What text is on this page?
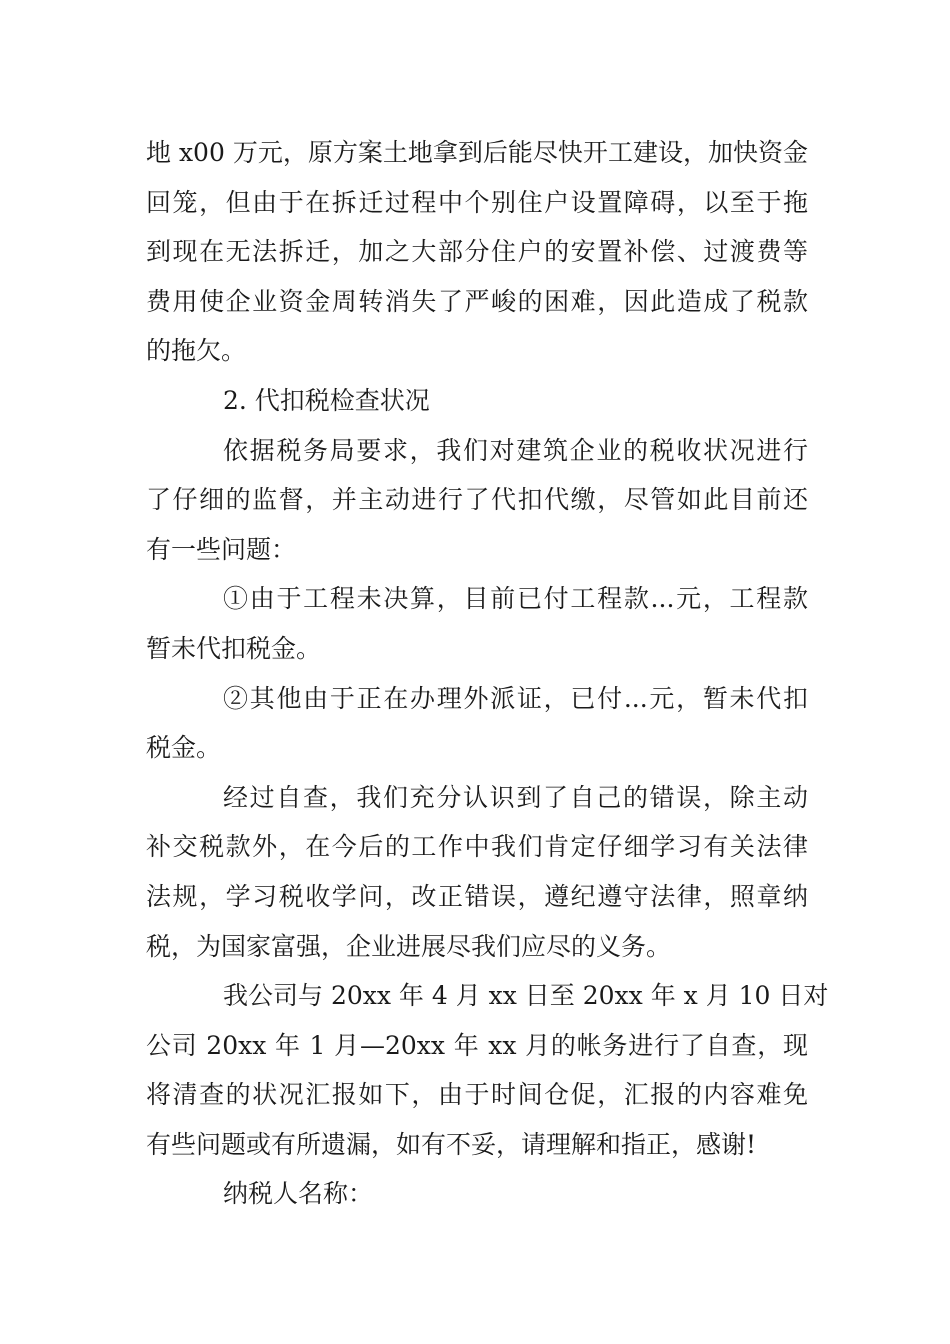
地 x00 万元，原方案土地拿到后能尽快开工建设，加快资金
回笼，但由于在拆迁过程中个别住户设置障碍，以至于拖
到现在无法拆迁，加之大部分住户的安置补偿、过渡费等
费用使企业资金周转消失了严峻的困难，因此造成了税款
的拖欠。
2. 代扣税检查状况
依据税务局要求，我们对建筑企业的税收状况进行
了仔细的监督，并主动进行了代扣代缴，尽管如此目前还
有一些问题：
①由于工程未决算，目前已付工程款...元，工程款
暂未代扣税金。
②其他由于正在办理外派证，已付...元，暂未代扣
税金。
经过自查，我们充分认识到了自己的错误，除主动
补交税款外，在今后的工作中我们肯定仔细学习有关法律
法规，学习税收学问，改正错误，遵纪遵守法律，照章纳
税，为国家富强，企业进展尽我们应尽的义务。
我公司与 20xx 年 4 月 xx 日至 20xx 年 x 月 10 日对
公司 20xx 年 1 月—20xx 年 xx 月的帐务进行了自查，现
将清查的状况汇报如下，由于时间仓促，汇报的内容难免
有些问题或有所遗漏，如有不妥，请理解和指正，感谢!
纳税人名称：
